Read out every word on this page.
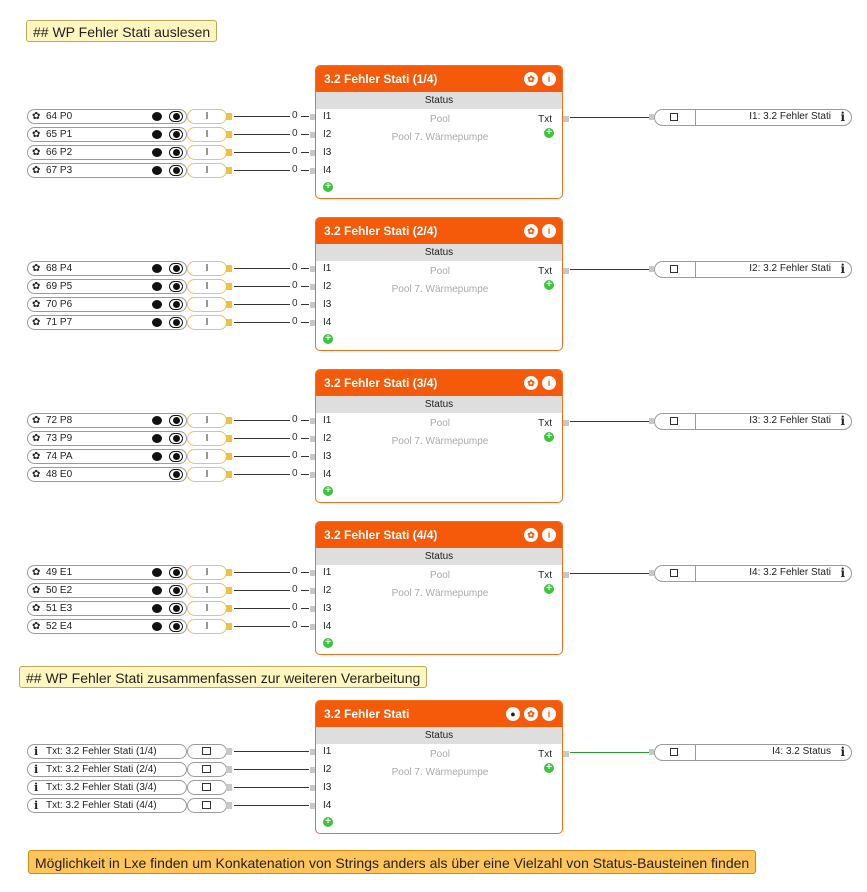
## WP Fehler Stati auslesen
## WP Fehler Stati zusammenfassen zur weiteren Verarbeitung
Möglichkeit in Lxe finden um Konkatenation von Strings anders als über eine Vielzahl von Status-Bausteinen finden
3.2 Fehler Stati (1/4)	✿	i
Status
Pool
Pool 7. Wärmepumpe
I1
I2
I3
I4
+
Txt
+
I1: 3.2 Fehler Stati i
✿ 64 P0	I	0
✿ 65 P1	I	0
✿ 66 P2	I	0
✿ 67 P3	I	0
3.2 Fehler Stati (2/4)	✿	i
Status
Pool
Pool 7. Wärmepumpe
I1
I2
I3
I4
+
Txt
+
I2: 3.2 Fehler Stati i
✿ 68 P4	I	0
✿ 69 P5	I	0
✿ 70 P6	I	0
✿ 71 P7	I	0
3.2 Fehler Stati (3/4)	✿	i
Status
Pool
Pool 7. Wärmepumpe
I1
I2
I3
I4
+
Txt
+
I3: 3.2 Fehler Stati i
✿ 72 P8	I	0
✿ 73 P9	I	0
✿ 74 PA	I	0
✿ 48 E0	I	0
3.2 Fehler Stati (4/4)	✿	i
Status
Pool
Pool 7. Wärmepumpe
I1
I2
I3
I4
+
Txt
+
I4: 3.2 Fehler Stati i
✿ 49 E1	I	0
✿ 50 E2	I	0
✿ 51 E3	I	0
✿ 52 E4	I	0
3.2 Fehler Stati	●	✿	i
Status
Pool
Pool 7. Wärmepumpe
I1
I2
I3
I4
+
Txt
+
I4: 3.2 Status i
i Txt: 3.2 Fehler Stati (1/4)
i Txt: 3.2 Fehler Stati (2/4)
i Txt: 3.2 Fehler Stati (3/4)
i Txt: 3.2 Fehler Stati (4/4)
